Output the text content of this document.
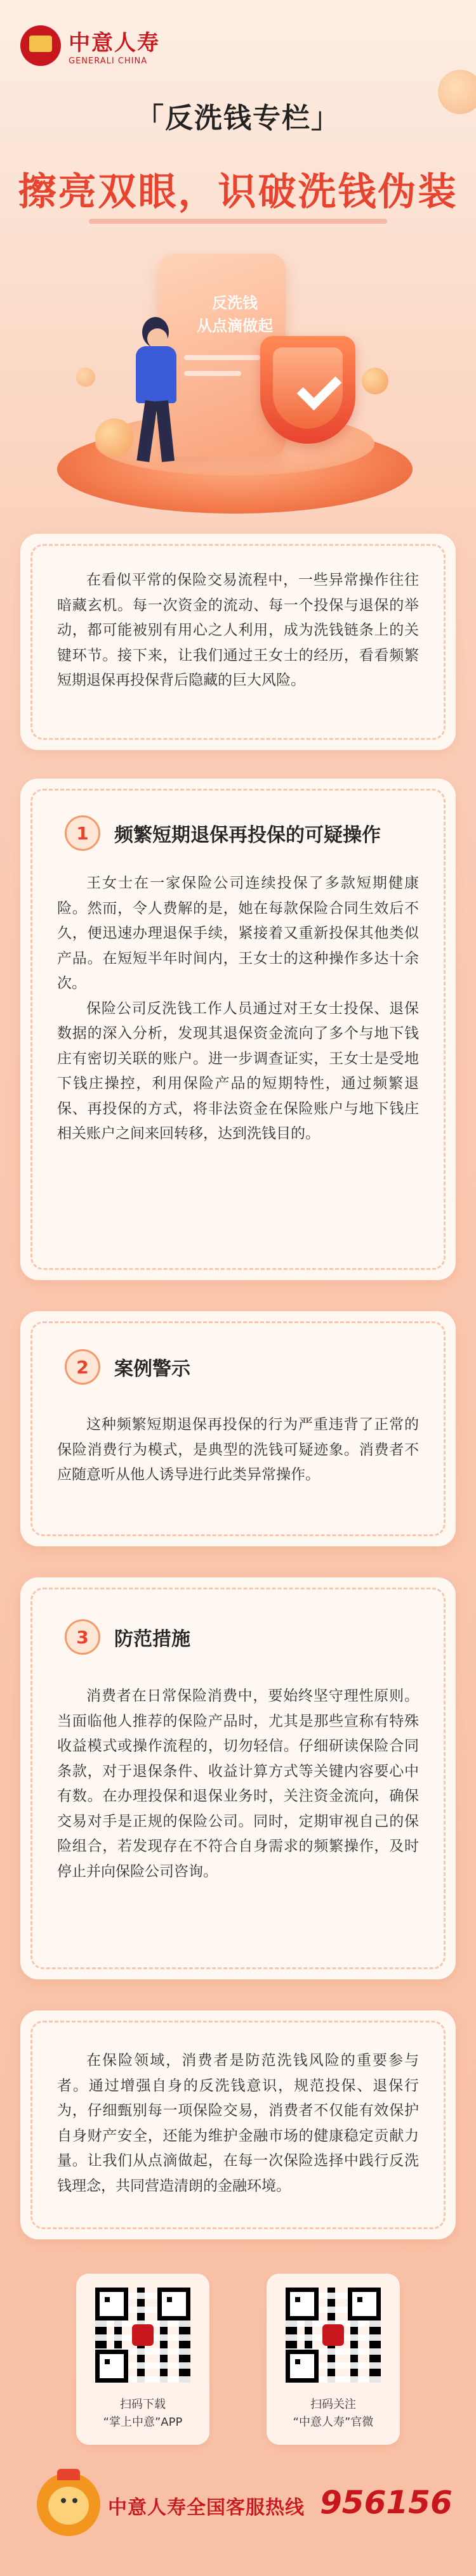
中意人寿
GENERALI CHINA
「反洗钱专栏」
擦亮双眼，识破洗钱伪装
反洗钱
从点滴做起

在看似平常的保险交易流程中，一些异常操作往往暗藏玄机。每一次资金的流动、每一个投保与退保的举动，都可能被别有用心之人利用，成为洗钱链条上的关键环节。接下来，让我们通过王女士的经历，看看频繁短期退保再投保背后隐藏的巨大风险。

1	频繁短期退保再投保的可疑操作

王女士在一家保险公司连续投保了多款短期健康险。然而，令人费解的是，她在每款保险合同生效后不久，便迅速办理退保手续，紧接着又重新投保其他类似产品。在短短半年时间内，王女士的这种操作多达十余次。

保险公司反洗钱工作人员通过对王女士投保、退保数据的深入分析，发现其退保资金流向了多个与地下钱庄有密切关联的账户。进一步调查证实，王女士是受地下钱庄操控，利用保险产品的短期特性，通过频繁退保、再投保的方式，将非法资金在保险账户与地下钱庄相关账户之间来回转移，达到洗钱目的。

2	案例警示

这种频繁短期退保再投保的行为严重违背了正常的保险消费行为模式，是典型的洗钱可疑迹象。消费者不应随意听从他人诱导进行此类异常操作。

3	防范措施

消费者在日常保险消费中，要始终坚守理性原则。当面临他人推荐的保险产品时，尤其是那些宣称有特殊收益模式或操作流程的，切勿轻信。仔细研读保险合同条款，对于退保条件、收益计算方式等关键内容要心中有数。在办理投保和退保业务时，关注资金流向，确保交易对手是正规的保险公司。同时，定期审视自己的保险组合，若发现存在不符合自身需求的频繁操作，及时停止并向保险公司咨询。

在保险领域，消费者是防范洗钱风险的重要参与者。通过增强自身的反洗钱意识，规范投保、退保行为，仔细甄别每一项保险交易，消费者不仅能有效保护自身财产安全，还能为维护金融市场的健康稳定贡献力量。让我们从点滴做起，在每一次保险选择中践行反洗钱理念，共同营造清朗的金融环境。

扫码下载
“掌上中意”APP
扫码关注
“中意人寿”官微
中意人寿全国客服热线 956156
